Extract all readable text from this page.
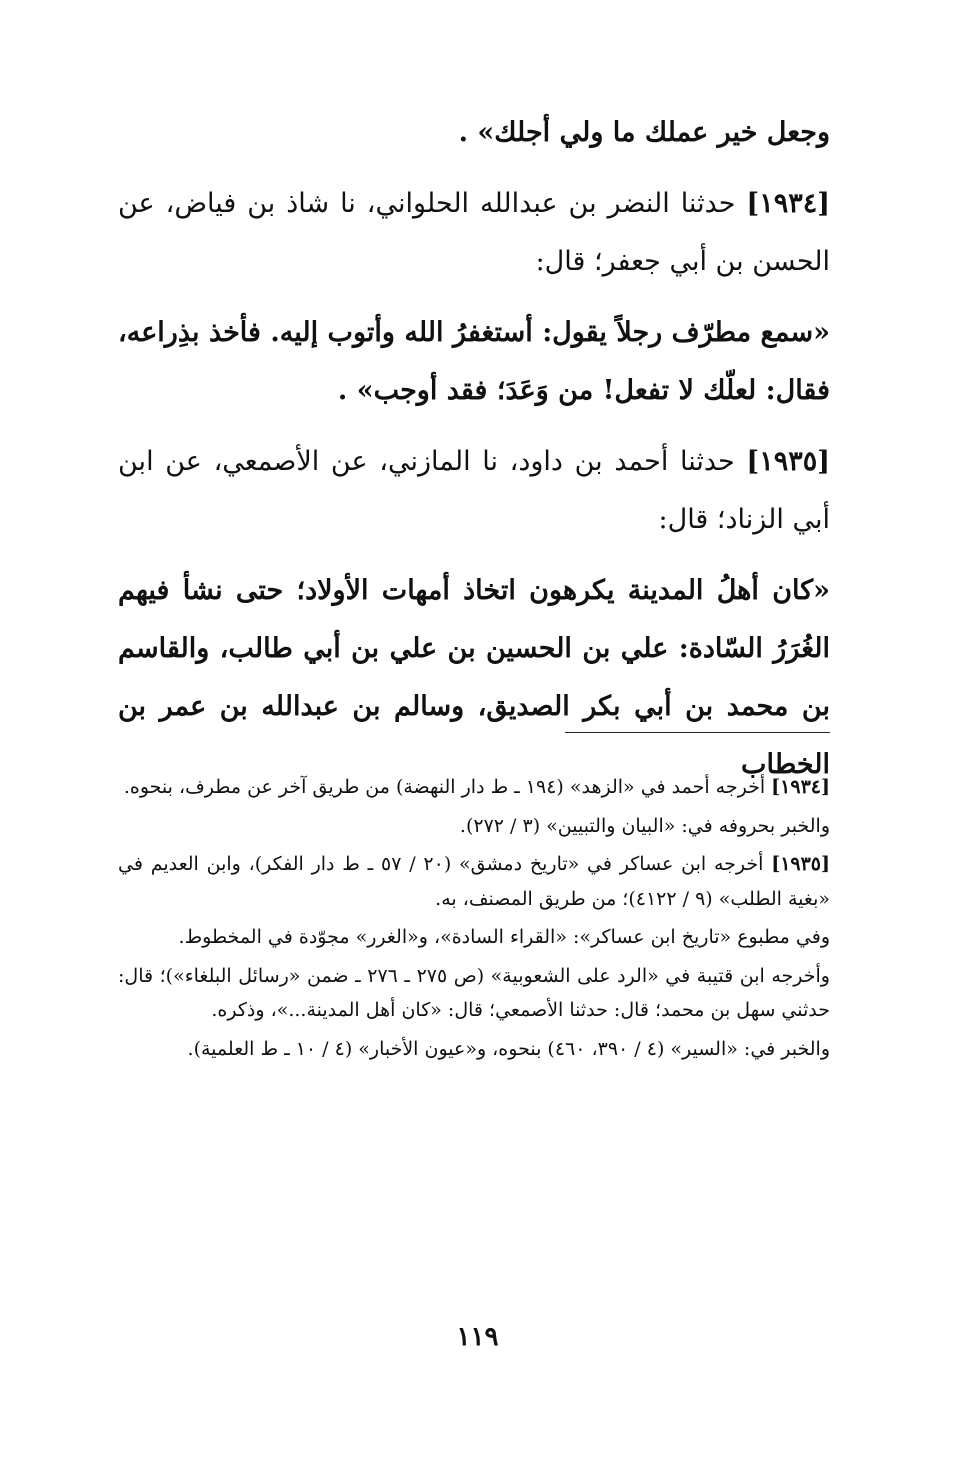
وجعل خير عملك ما ولي أجلك» .

[١٩٣٤] حدثنا النضر بن عبدالله الحلواني، نا شاذ بن فياض، عن الحسن بن أبي جعفر؛ قال:

«سمع مطرّف رجلاً يقول: أستغفرُ الله وأتوب إليه. فأخذ بذِراعه، فقال: لعلّك لا تفعل! من وَعَدَ؛ فقد أوجب» .

[١٩٣٥] حدثنا أحمد بن داود، نا المازني، عن الأصمعي، عن ابن أبي الزناد؛ قال:

«كان أهلُ المدينة يكرهون اتخاذ أمهات الأولاد؛ حتى نشأ فيهم الغُرَرُ السّادة: علي بن الحسين بن علي بن أبي طالب، والقاسم بن محمد بن أبي بكر الصديق، وسالم بن عبدالله بن عمر بن الخطاب

[١٩٣٤] أخرجه أحمد في «الزهد» (١٩٤ ـ ط دار النهضة) من طريق آخر عن مطرف، بنحوه.

والخبر بحروفه في: «البيان والتبيين» (٣ / ٢٧٢).

[١٩٣٥] أخرجه ابن عساكر في «تاريخ دمشق» (٢٠ / ٥٧ ـ ط دار الفكر)، وابن العديم في «بغية الطلب» (٩ / ٤١٢٢)؛ من طريق المصنف، به.

وفي مطبوع «تاريخ ابن عساكر»: «القراء السادة»، و«الغرر» مجوّدة في المخطوط.

وأخرجه ابن قتيبة في «الرد على الشعوبية» (ص ٢٧٥ ـ ٢٧٦ ـ ضمن «رسائل البلغاء»)؛ قال: حدثني سهل بن محمد؛ قال: حدثنا الأصمعي؛ قال: «كان أهل المدينة...»، وذكره.

والخبر في: «السير» (٤ / ٣٩٠، ٤٦٠) بنحوه، و«عيون الأخبار» (٤ / ١٠ ـ ط العلمية).

١١٩
